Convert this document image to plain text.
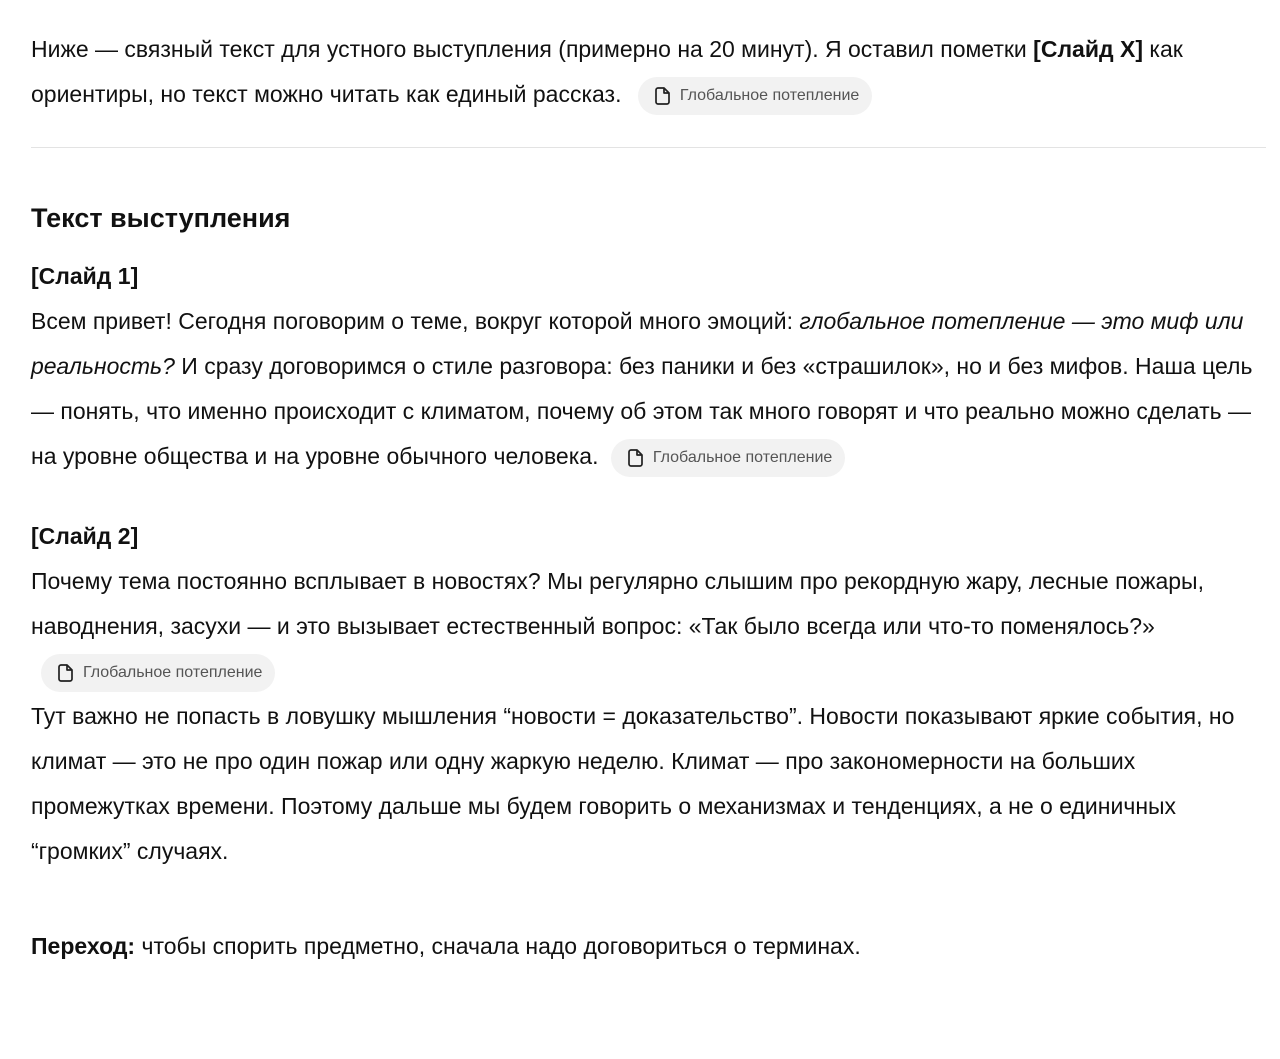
Ниже — связный текст для устного выступления (примерно на 20 минут). Я оставил пометки [Слайд X] как ориентиры, но текст можно читать как единый рассказ.	Глобальное потепление

Текст выступления
[Слайд 1]

Всем привет! Сегодня поговорим о теме, вокруг которой много эмоций: глобальное потепление — это миф или реальность? И сразу договоримся о стиле разговора: без паники и без «страшилок», но и без мифов. Наша цель — понять, что именно происходит с климатом, почему об этом так много говорят и что реально можно сделать — на уровне общества и на уровне обычного человека.	Глобальное потепление

[Слайд 2]

Почему тема постоянно всплывает в новостях? Мы регулярно слышим про рекордную жару, лесные пожары, наводнения, засухи — и это вызывает естественный вопрос: «Так было всегда или что-то поменялось?»
Глобальное потепление

Тут важно не попасть в ловушку мышления “новости = доказательство”. Новости показывают яркие события, но климат — это не про один пожар или одну жаркую неделю. Климат — про закономерности на больших промежутках времени. Поэтому дальше мы будем говорить о механизмах и тенденциях, а не о единичных “громких” случаях.

Переход: чтобы спорить предметно, сначала надо договориться о терминах.
